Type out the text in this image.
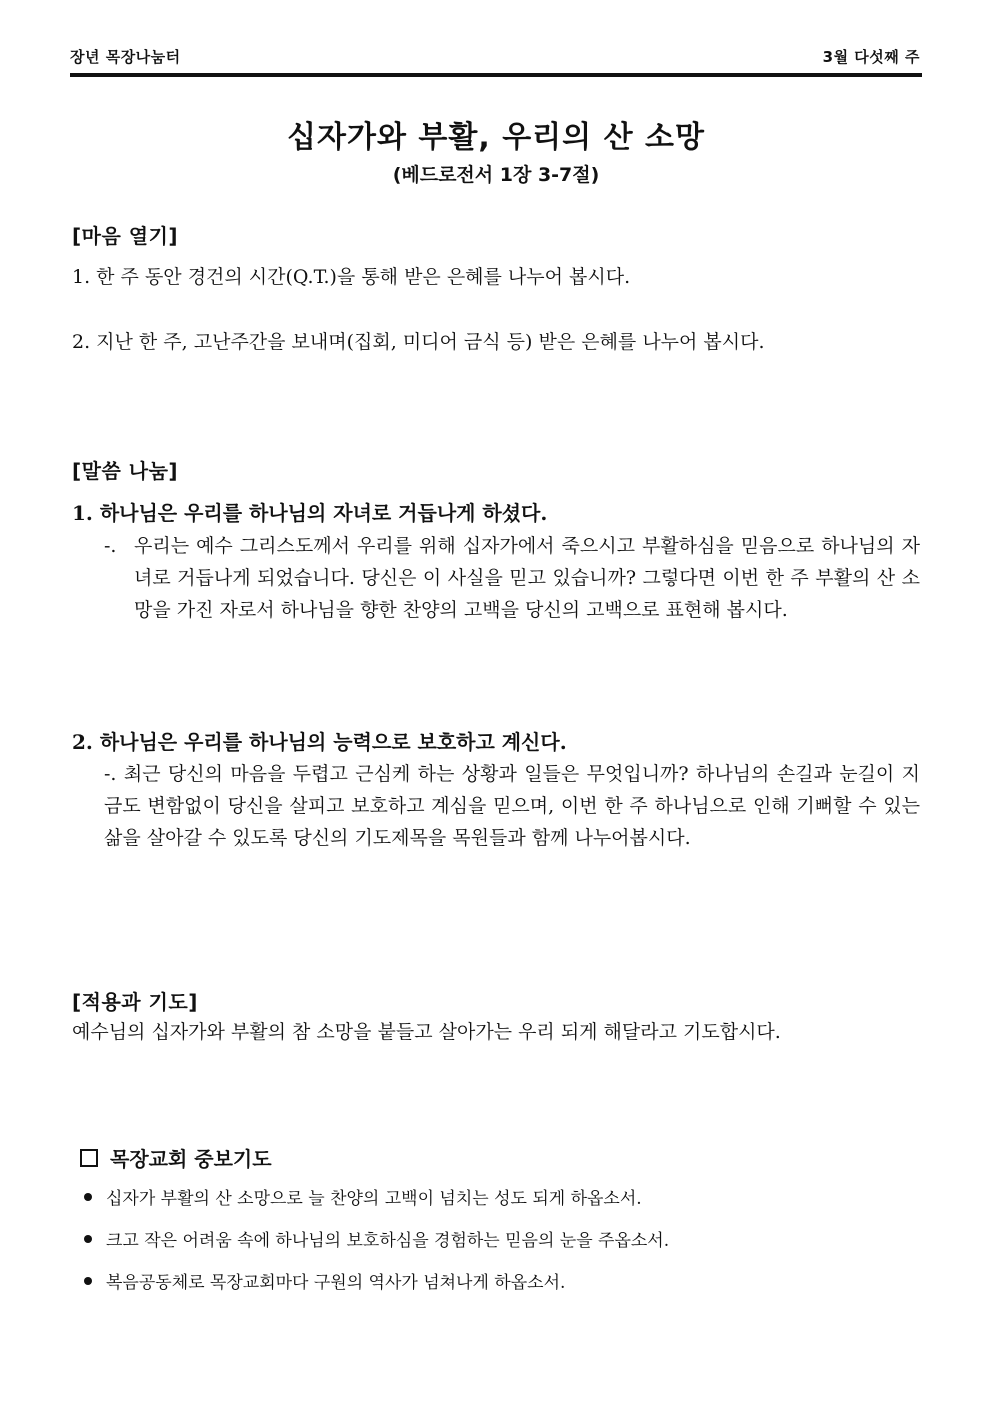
장년 목장나눔터	3월 다섯째 주
십자가와 부활, 우리의 산 소망
(베드로전서 1장 3-7절)
[마음 열기]
1. 한 주 동안 경건의 시간(Q.T.)을 통해 받은 은혜를 나누어 봅시다.
2. 지난 한 주, 고난주간을 보내며(집회, 미디어 금식 등) 받은 은혜를 나누어 봅시다.
[말씀 나눔]
1. 하나님은 우리를 하나님의 자녀로 거듭나게 하셨다.
-. 우리는 예수 그리스도께서 우리를 위해 십자가에서 죽으시고 부활하심을 믿음으로 하나님의 자녀로 거듭나게 되었습니다. 당신은 이 사실을 믿고 있습니까? 그렇다면 이번 한 주 부활의 산 소망을 가진 자로서 하나님을 향한 찬양의 고백을 당신의 고백으로 표현해 봅시다.
2. 하나님은 우리를 하나님의 능력으로 보호하고 계신다.
-. 최근 당신의 마음을 두렵고 근심케 하는 상황과 일들은 무엇입니까? 하나님의 손길과 눈길이 지금도 변함없이 당신을 살피고 보호하고 계심을 믿으며, 이번 한 주 하나님으로 인해 기뻐할 수 있는 삶을 살아갈 수 있도록 당신의 기도제목을 목원들과 함께 나누어봅시다.
[적용과 기도]
예수님의 십자가와 부활의 참 소망을 붙들고 살아가는 우리 되게 해달라고 기도합시다.
목장교회 중보기도
십자가 부활의 산 소망으로 늘 찬양의 고백이 넘치는 성도 되게 하옵소서.
크고 작은 어려움 속에 하나님의 보호하심을 경험하는 믿음의 눈을 주옵소서.
복음공동체로 목장교회마다 구원의 역사가 넘쳐나게 하옵소서.
